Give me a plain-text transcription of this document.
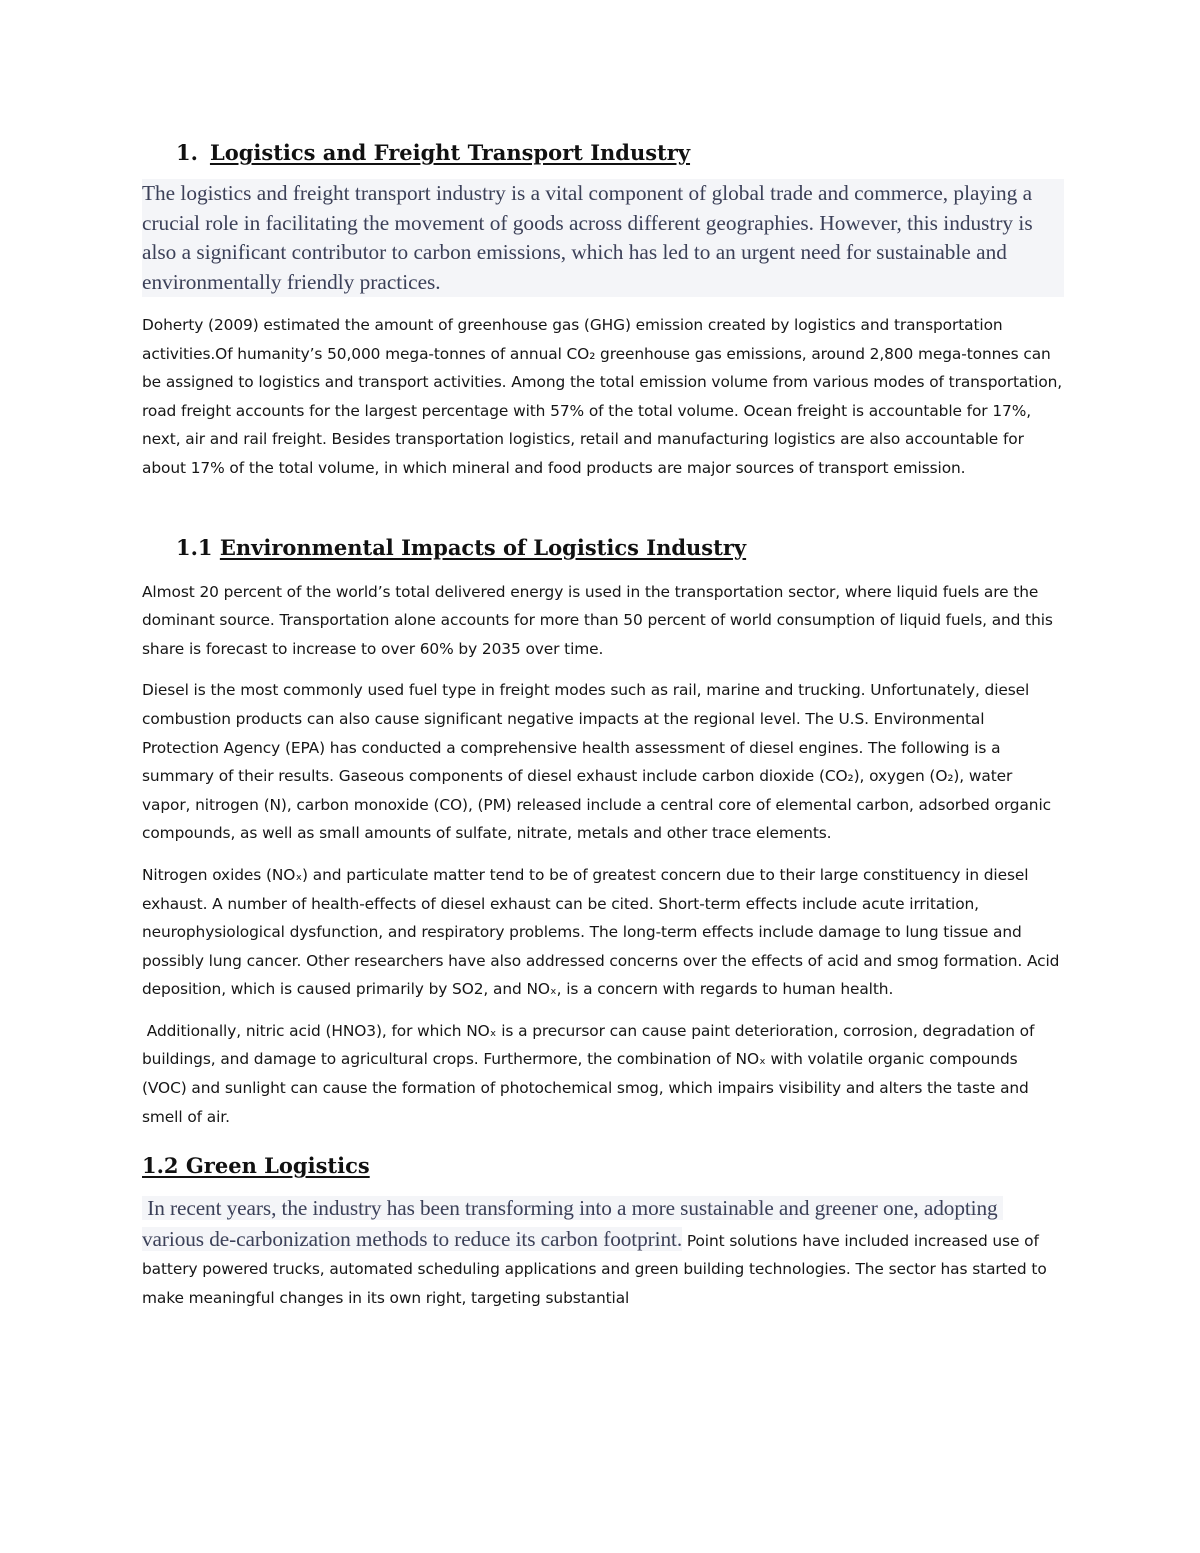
1. Logistics and Freight Transport Industry

The logistics and freight transport industry is a vital component of global trade and commerce, playing a crucial role in facilitating the movement of goods across different geographies. However, this industry is also a significant contributor to carbon emissions, which has led to an urgent need for sustainable and environmentally friendly practices.

Doherty (2009) estimated the amount of greenhouse gas (GHG) emission created by logistics and transportation activities.Of humanity’s 50,000 mega-tonnes of annual CO₂ greenhouse gas emissions, around 2,800 mega-tonnes can be assigned to logistics and transport activities. Among the total emission volume from various modes of transportation, road freight accounts for the largest percentage with 57% of the total volume. Ocean freight is accountable for 17%, next, air and rail freight. Besides transportation logistics, retail and manufacturing logistics are also accountable for about 17% of the total volume, in which mineral and food products are major sources of transport emission.

1.1 Environmental Impacts of Logistics Industry

Almost 20 percent of the world’s total delivered energy is used in the transportation sector, where liquid fuels are the dominant source. Transportation alone accounts for more than 50 percent of world consumption of liquid fuels, and this share is forecast to increase to over 60% by 2035 over time.

Diesel is the most commonly used fuel type in freight modes such as rail, marine and trucking. Unfortunately, diesel combustion products can also cause significant negative impacts at the regional level. The U.S. Environmental Protection Agency (EPA) has conducted a comprehensive health assessment of diesel engines. The following is a summary of their results. Gaseous components of diesel exhaust include carbon dioxide (CO₂), oxygen (O₂), water vapor, nitrogen (N), carbon monoxide (CO), (PM) released include a central core of elemental carbon, adsorbed organic compounds, as well as small amounts of sulfate, nitrate, metals and other trace elements.

Nitrogen oxides (NOₓ) and particulate matter tend to be of greatest concern due to their large constituency in diesel exhaust. A number of health-effects of diesel exhaust can be cited. Short-term effects include acute irritation, neurophysiological dysfunction, and respiratory problems. The long-term effects include damage to lung tissue and possibly lung cancer. Other researchers have also addressed concerns over the effects of acid and smog formation. Acid deposition, which is caused primarily by SO2, and NOₓ, is a concern with regards to human health.

Additionally, nitric acid (HNO3), for which NOₓ is a precursor can cause paint deterioration, corrosion, degradation of buildings, and damage to agricultural crops. Furthermore, the combination of NOₓ with volatile organic compounds (VOC) and sunlight can cause the formation of photochemical smog, which impairs visibility and alters the taste and smell of air.

1.2 Green Logistics

In recent years, the industry has been transforming into a more sustainable and greener one, adopting various de-carbonization methods to reduce its carbon footprint. Point solutions have included increased use of battery powered trucks, automated scheduling applications and green building technologies. The sector has started to make meaningful changes in its own right, targeting substantial
